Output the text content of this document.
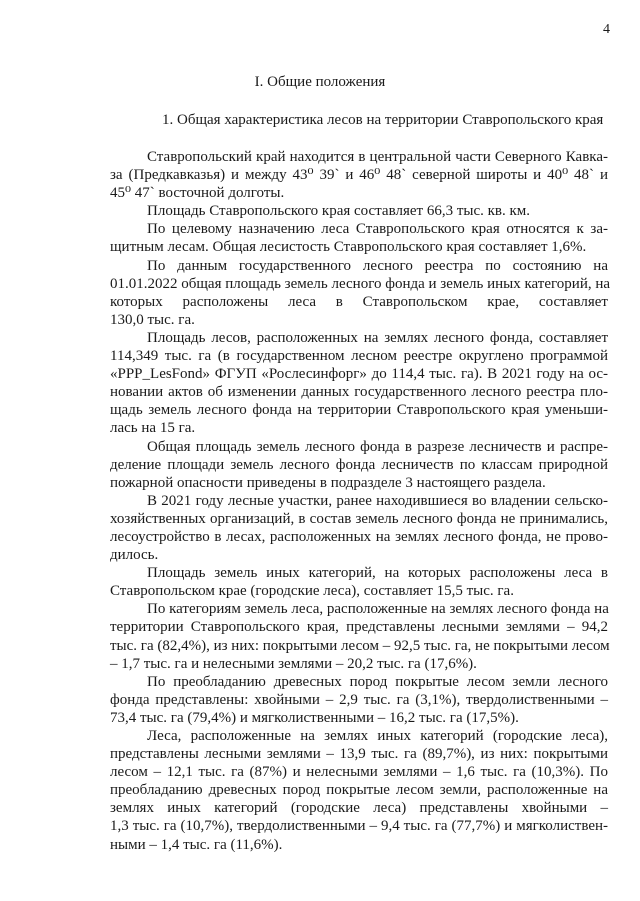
4
I. Общие положения
1. Общая характеристика лесов на территории Ставропольского края
Ставропольский край находится в центральной части Северного Кавка-
за (Предкавказья) и между 43⁰ 39` и 46⁰ 48` северной широты и 40⁰ 48` и
45⁰ 47` восточной долготы.
Площадь Ставропольского края составляет 66,3 тыс. кв. км.
По целевому назначению леса Ставропольского края относятся к за-
щитным лесам. Общая лесистость Ставропольского края составляет 1,6%.
По данным государственного лесного реестра по состоянию на
01.01.2022 общая площадь земель лесного фонда и земель иных категорий, на
которых расположены леса в Ставропольском крае, составляет
130,0 тыс. га.
Площадь лесов, расположенных на землях лесного фонда, составляет
114,349 тыс. га (в государственном лесном реестре округлено программой
«PPP_LesFond» ФГУП «Рослесинфорг» до 114,4 тыс. га). В 2021 году на ос-
новании актов об изменении данных государственного лесного реестра пло-
щадь земель лесного фонда на территории Ставропольского края уменьши-
лась на 15 га.
Общая площадь земель лесного фонда в разрезе лесничеств и распре-
деление площади земель лесного фонда лесничеств по классам природной
пожарной опасности приведены в подразделе 3 настоящего раздела.
В 2021 году лесные участки, ранее находившиеся во владении сельско-
хозяйственных организаций, в состав земель лесного фонда не принимались,
лесоустройство в лесах, расположенных на землях лесного фонда, не прово-
дилось.
Площадь земель иных категорий, на которых расположены леса в
Ставропольском крае (городские леса), составляет 15,5 тыс. га.
По категориям земель леса, расположенные на землях лесного фонда на
территории Ставропольского края, представлены лесными землями – 94,2
тыс. га (82,4%), из них: покрытыми лесом – 92,5 тыс. га, не покрытыми лесом
– 1,7 тыс. га и нелесными землями – 20,2 тыс. га (17,6%).
По преобладанию древесных пород покрытые лесом земли лесного
фонда представлены: хвойными – 2,9 тыс. га (3,1%), твердолиственными –
73,4 тыс. га (79,4%) и мягколиственными – 16,2 тыс. га (17,5%).
Леса, расположенные на землях иных категорий (городские леса),
представлены лесными землями – 13,9 тыс. га (89,7%), из них: покрытыми
лесом – 12,1 тыс. га (87%) и нелесными землями – 1,6 тыс. га (10,3%). По
преобладанию древесных пород покрытые лесом земли, расположенные на
землях иных категорий (городские леса) представлены хвойными –
1,3 тыс. га (10,7%), твердолиственными – 9,4 тыс. га (77,7%) и мягколиствен-
ными – 1,4 тыс. га (11,6%).
